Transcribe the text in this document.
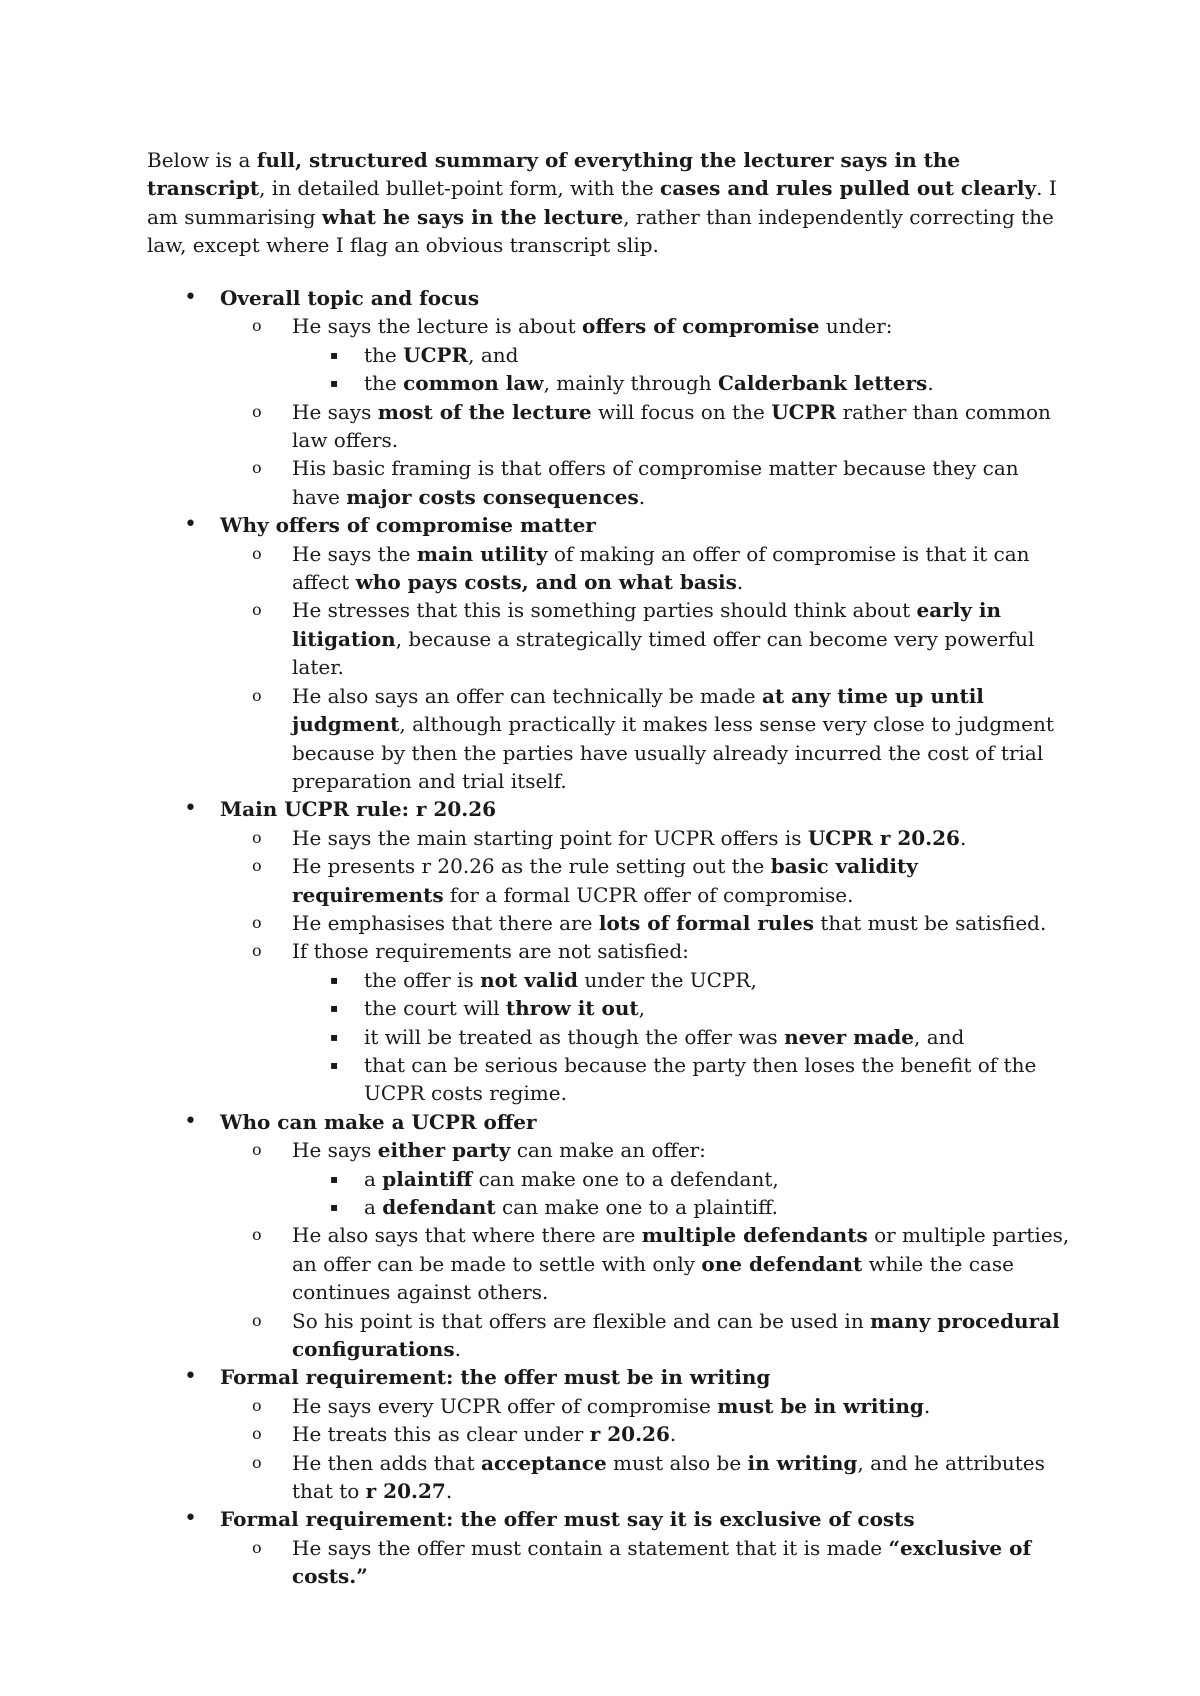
Below is a full, structured summary of everything the lecturer says in the transcript, in detailed bullet-point form, with the cases and rules pulled out clearly. I am summarising what he says in the lecture, rather than independently correcting the law, except where I flag an obvious transcript slip.

• Overall topic and focus
o He says the lecture is about offers of compromise under:
▪ the UCPR, and
▪ the common law, mainly through Calderbank letters.
o He says most of the lecture will focus on the UCPR rather than common law offers.
o His basic framing is that offers of compromise matter because they can have major costs consequences.
• Why offers of compromise matter
o He says the main utility of making an offer of compromise is that it can affect who pays costs, and on what basis.
o He stresses that this is something parties should think about early in litigation, because a strategically timed offer can become very powerful later.
o He also says an offer can technically be made at any time up until judgment, although practically it makes less sense very close to judgment because by then the parties have usually already incurred the cost of trial preparation and trial itself.
• Main UCPR rule: r 20.26
o He says the main starting point for UCPR offers is UCPR r 20.26.
o He presents r 20.26 as the rule setting out the basic validity requirements for a formal UCPR offer of compromise.
o He emphasises that there are lots of formal rules that must be satisfied.
o If those requirements are not satisfied:
▪ the offer is not valid under the UCPR,
▪ the court will throw it out,
▪ it will be treated as though the offer was never made, and
▪ that can be serious because the party then loses the benefit of the UCPR costs regime.
• Who can make a UCPR offer
o He says either party can make an offer:
▪ a plaintiff can make one to a defendant,
▪ a defendant can make one to a plaintiff.
o He also says that where there are multiple defendants or multiple parties, an offer can be made to settle with only one defendant while the case continues against others.
o So his point is that offers are flexible and can be used in many procedural configurations.
• Formal requirement: the offer must be in writing
o He says every UCPR offer of compromise must be in writing.
o He treats this as clear under r 20.26.
o He then adds that acceptance must also be in writing, and he attributes that to r 20.27.
• Formal requirement: the offer must say it is exclusive of costs
o He says the offer must contain a statement that it is made “exclusive of costs.”
